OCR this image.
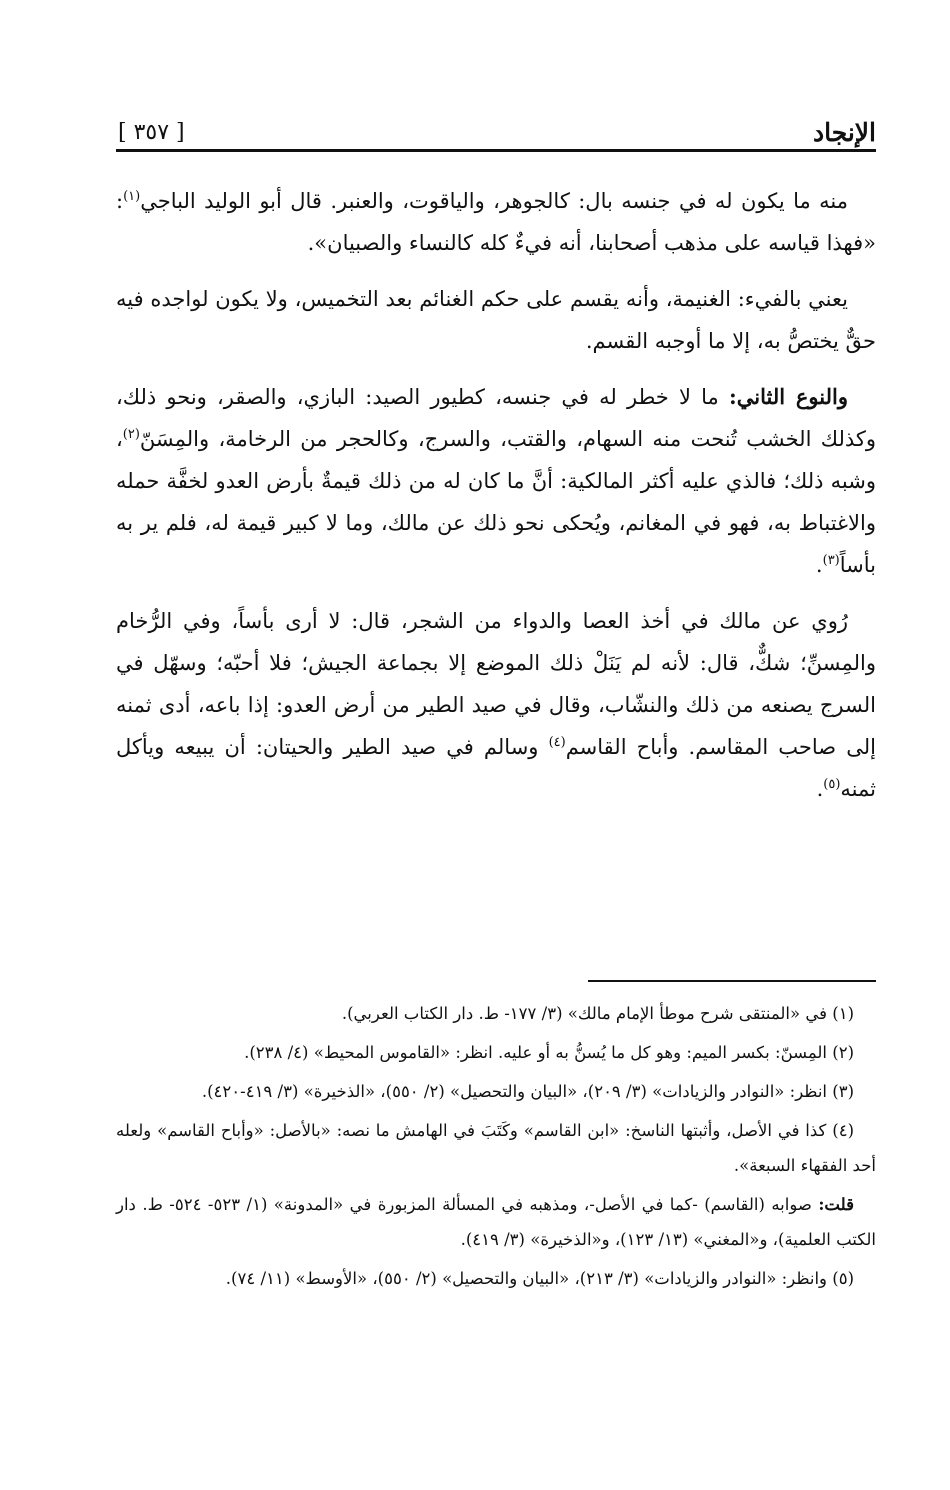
الإنجاد
[ ٣٥٧ ]

منه ما يكون له في جنسه بال: كالجوهر، والياقوت، والعنبر. قال أبو الوليد الباجي$^{(١)}$: «فهذا قياسه على مذهب أصحابنا، أنه فيءٌ كله كالنساء والصبيان».

يعني بالفيء: الغنيمة، وأنه يقسم على حكم الغنائم بعد التخميس، ولا يكون لواجده فيه حقٌّ يختصُّ به، إلا ما أوجبه القسم.

والنوع الثاني: ما لا خطر له في جنسه، كطيور الصيد: البازي، والصقر، ونحو ذلك، وكذلك الخشب تُنحت منه السهام، والقتب، والسرج، وكالحجر من الرخامة، والمِسَنّ$^{(٢)}$، وشبه ذلك؛ فالذي عليه أكثر المالكية: أنَّ ما كان له من ذلك قيمةٌ بأرض العدو لخفَّة حمله والاغتباط به، فهو في المغانم، ويُحكى نحو ذلك عن مالك، وما لا كبير قيمة له، فلم ير به بأساً$^{(٣)}$.

رُوي عن مالك في أخذ العصا والدواء من الشجر، قال: لا أرى بأساً، وفي الرُّخام والمِسنِّ؛ شكٌّ، قال: لأنه لم يَنَلْ ذلك الموضع إلا بجماعة الجيش؛ فلا أحبّه؛ وسهّل في السرج يصنعه من ذلك والنشّاب، وقال في صيد الطير من أرض العدو: إذا باعه، أدى ثمنه إلى صاحب المقاسم. وأباح القاسم$^{(٤)}$ وسالم في صيد الطير والحيتان: أن يبيعه ويأكل ثمنه$^{(٥)}$.

(١) في «المنتقى شرح موطأ الإمام مالك» (٣/ ١٧٧- ط. دار الكتاب العربي).

(٢) المِسنّ: بكسر الميم: وهو كل ما يُسنُّ به أو عليه. انظر: «القاموس المحيط» (٤/ ٢٣٨).

(٣) انظر: «النوادر والزيادات» (٣/ ٢٠٩)، «البيان والتحصيل» (٢/ ٥٥٠)، «الذخيرة» (٣/ ٤١٩-٤٢٠).

(٤) كذا في الأصل، وأثبتها الناسخ: «ابن القاسم» وكَتَبَ في الهامش ما نصه: «بالأصل: «وأباح القاسم» ولعله أحد الفقهاء السبعة».

قلت: صوابه (القاسم) -كما في الأصل-، ومذهبه في المسألة المزبورة في «المدونة» (١/ ٥٢٣- ٥٢٤- ط. دار الكتب العلمية)، و«المغني» (١٣/ ١٢٣)، و«الذخيرة» (٣/ ٤١٩).

(٥) وانظر: «النوادر والزيادات» (٣/ ٢١٣)، «البيان والتحصيل» (٢/ ٥٥٠)، «الأوسط» (١١/ ٧٤).
